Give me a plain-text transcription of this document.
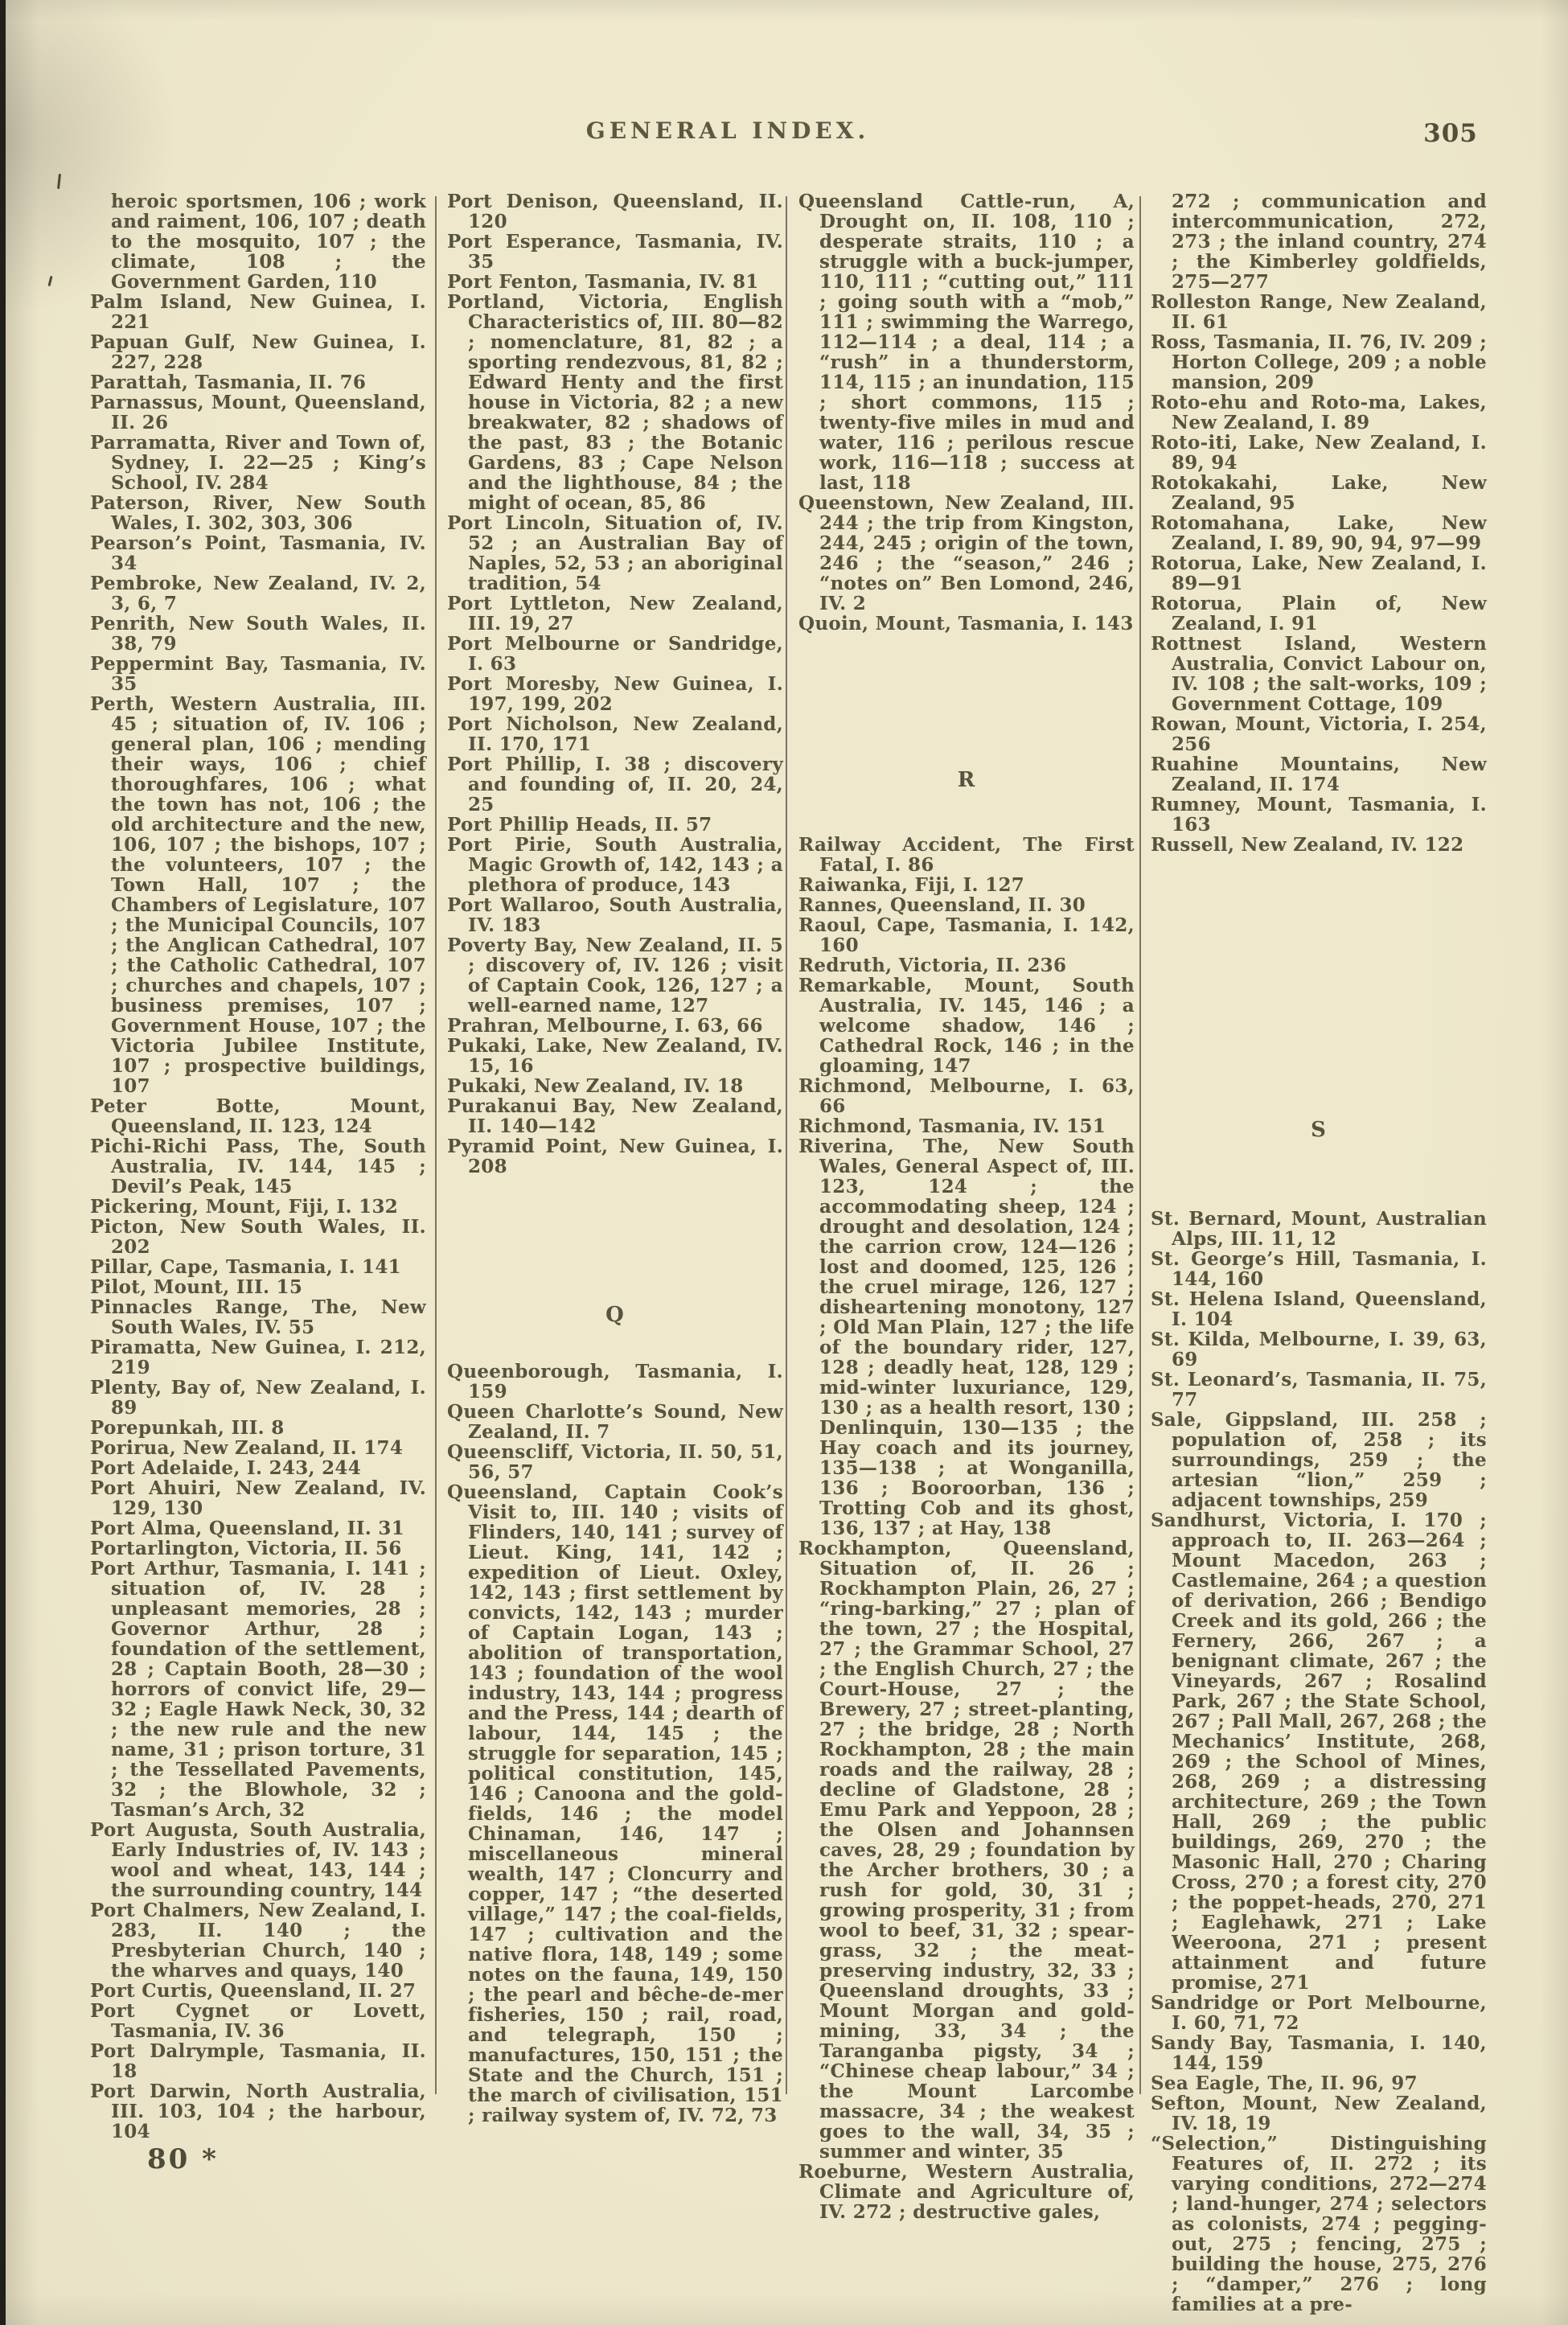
GENERAL INDEX.	305

heroic sportsmen, 106 ; work and raiment, 106, 107 ; death to the mosquito, 107 ; the climate, 108 ; the Government Garden, 110

Palm Island, New Guinea, I. 221

Papuan Gulf, New Guinea, I. 227, 228

Parattah, Tasmania, II. 76

Parnassus, Mount, Queensland, II. 26

Parramatta, River and Town of, Sydney, I. 22—25 ; King’s School, IV. 284

Paterson, River, New South Wales, I. 302, 303, 306

Pearson’s Point, Tasmania, IV. 34

Pembroke, New Zealand, IV. 2, 3, 6, 7

Penrith, New South Wales, II. 38, 79

Peppermint Bay, Tasmania, IV. 35

Perth, Western Australia, III. 45 ; situation of, IV. 106 ; general plan, 106 ; mending their ways, 106 ; chief thoroughfares, 106 ; what the town has not, 106 ; the old architecture and the new, 106, 107 ; the bishops, 107 ; the volunteers, 107 ; the Town Hall, 107 ; the Chambers of Legislature, 107 ; the Municipal Councils, 107 ; the Anglican Cathedral, 107 ; the Catholic Cathedral, 107 ; churches and chapels, 107 ; business premises, 107 ; Government House, 107 ; the Victoria Jubilee Institute, 107 ; prospective buildings, 107

Peter Botte, Mount, Queensland, II. 123, 124

Pichi-Richi Pass, The, South Australia, IV. 144, 145 ; Devil’s Peak, 145

Pickering, Mount, Fiji, I. 132

Picton, New South Wales, II. 202

Pillar, Cape, Tasmania, I. 141

Pilot, Mount, III. 15

Pinnacles Range, The, New South Wales, IV. 55

Piramatta, New Guinea, I. 212, 219

Plenty, Bay of, New Zealand, I. 89

Porepunkah, III. 8

Porirua, New Zealand, II. 174

Port Adelaide, I. 243, 244

Port Ahuiri, New Zealand, IV. 129, 130

Port Alma, Queensland, II. 31

Portarlington, Victoria, II. 56

Port Arthur, Tasmania, I. 141 ; situation of, IV. 28 ; unpleasant memories, 28 ; Governor Arthur, 28 ; foundation of the settlement, 28 ; Captain Booth, 28—30 ; horrors of convict life, 29—32 ; Eagle Hawk Neck, 30, 32 ; the new rule and the new name, 31 ; prison torture, 31 ; the Tessellated Pavements, 32 ; the Blowhole, 32 ; Tasman’s Arch, 32

Port Augusta, South Australia, Early Industries of, IV. 143 ; wool and wheat, 143, 144 ; the surrounding country, 144

Port Chalmers, New Zealand, I. 283, II. 140 ; the Presbyterian Church, 140 ; the wharves and quays, 140

Port Curtis, Queensland, II. 27

Port Cygnet or Lovett, Tasmania, IV. 36

Port Dalrymple, Tasmania, II. 18

Port Darwin, North Australia, III. 103, 104 ; the harbour, 104

80 *

Port Denison, Queensland, II. 120

Port Esperance, Tasmania, IV. 35

Port Fenton, Tasmania, IV. 81

Portland, Victoria, English Characteristics of, III. 80—82 ; nomenclature, 81, 82 ; a sporting rendezvous, 81, 82 ; Edward Henty and the first house in Victoria, 82 ; a new breakwater, 82 ; shadows of the past, 83 ; the Botanic Gardens, 83 ; Cape Nelson and the lighthouse, 84 ; the might of ocean, 85, 86

Port Lincoln, Situation of, IV. 52 ; an Australian Bay of Naples, 52, 53 ; an aboriginal tradition, 54

Port Lyttleton, New Zealand, III. 19, 27

Port Melbourne or Sandridge, I. 63

Port Moresby, New Guinea, I. 197, 199, 202

Port Nicholson, New Zealand, II. 170, 171

Port Phillip, I. 38 ; discovery and founding of, II. 20, 24, 25

Port Phillip Heads, II. 57

Port Pirie, South Australia, Magic Growth of, 142, 143 ; a plethora of produce, 143

Port Wallaroo, South Australia, IV. 183

Poverty Bay, New Zealand, II. 5 ; discovery of, IV. 126 ; visit of Captain Cook, 126, 127 ; a well-earned name, 127

Prahran, Melbourne, I. 63, 66

Pukaki, Lake, New Zealand, IV. 15, 16

Pukaki, New Zealand, IV. 18

Purakanui Bay, New Zealand, II. 140—142

Pyramid Point, New Guinea, I. 208

Q

Queenborough, Tasmania, I. 159

Queen Charlotte’s Sound, New Zealand, II. 7

Queenscliff, Victoria, II. 50, 51, 56, 57

Queensland, Captain Cook’s Visit to, III. 140 ; visits of Flinders, 140, 141 ; survey of Lieut. King, 141, 142 ; expedition of Lieut. Oxley, 142, 143 ; first settlement by convicts, 142, 143 ; murder of Captain Logan, 143 ; abolition of transportation, 143 ; foundation of the wool industry, 143, 144 ; progress and the Press, 144 ; dearth of labour, 144, 145 ; the struggle for separation, 145 ; political constitution, 145, 146 ; Canoona and the gold-fields, 146 ; the model Chinaman, 146, 147 ; miscellaneous mineral wealth, 147 ; Cloncurry and copper, 147 ; “the deserted village,” 147 ; the coal-fields, 147 ; cultivation and the native flora, 148, 149 ; some notes on the fauna, 149, 150 ; the pearl and bêche-de-mer fisheries, 150 ; rail, road, and telegraph, 150 ; manufactures, 150, 151 ; the State and the Church, 151 ; the march of civilisation, 151 ; railway system of, IV. 72, 73

Queensland Cattle-run, A, Drought on, II. 108, 110 ; desperate straits, 110 ; a struggle with a buck-jumper, 110, 111 ; “cutting out,” 111 ; going south with a “mob,” 111 ; swimming the Warrego, 112—114 ; a deal, 114 ; a “rush” in a thunderstorm, 114, 115 ; an inundation, 115 ; short commons, 115 ; twenty-five miles in mud and water, 116 ; perilous rescue work, 116—118 ; success at last, 118

Queenstown, New Zealand, III. 244 ; the trip from Kingston, 244, 245 ; origin of the town, 246 ; the “season,” 246 ; “notes on” Ben Lomond, 246, IV. 2

Quoin, Mount, Tasmania, I. 143

R

Railway Accident, The First Fatal, I. 86

Raiwanka, Fiji, I. 127

Rannes, Queensland, II. 30

Raoul, Cape, Tasmania, I. 142, 160

Redruth, Victoria, II. 236

Remarkable, Mount, South Australia, IV. 145, 146 ; a welcome shadow, 146 ; Cathedral Rock, 146 ; in the gloaming, 147

Richmond, Melbourne, I. 63, 66

Richmond, Tasmania, IV. 151

Riverina, The, New South Wales, General Aspect of, III. 123, 124 ; the accommodating sheep, 124 ; drought and desolation, 124 ; the carrion crow, 124—126 ; lost and doomed, 125, 126 ; the cruel mirage, 126, 127 ; disheartening monotony, 127 ; Old Man Plain, 127 ; the life of the boundary rider, 127, 128 ; deadly heat, 128, 129 ; mid-winter luxuriance, 129, 130 ; as a health resort, 130 ; Denlinquin, 130—135 ; the Hay coach and its journey, 135—138 ; at Wonganilla, 136 ; Booroorban, 136 ; Trotting Cob and its ghost, 136, 137 ; at Hay, 138

Rockhampton, Queensland, Situation of, II. 26 ; Rockhampton Plain, 26, 27 ; “ring-barking,” 27 ; plan of the town, 27 ; the Hospital, 27 ; the Grammar School, 27 ; the English Church, 27 ; the Court-House, 27 ; the Brewery, 27 ; street-planting, 27 ; the bridge, 28 ; North Rockhampton, 28 ; the main roads and the railway, 28 ; decline of Gladstone, 28 ; Emu Park and Yeppoon, 28 ; the Olsen and Johannsen caves, 28, 29 ; foundation by the Archer brothers, 30 ; a rush for gold, 30, 31 ; growing prosperity, 31 ; from wool to beef, 31, 32 ; spear-grass, 32 ; the meat-preserving industry, 32, 33 ; Queensland droughts, 33 ; Mount Morgan and gold-mining, 33, 34 ; the Taranganba pigsty, 34 ; “Chinese cheap labour,” 34 ; the Mount Larcombe massacre, 34 ; the weakest goes to the wall, 34, 35 ; summer and winter, 35

Roeburne, Western Australia, Climate and Agriculture of, IV. 272 ; destructive gales,

272 ; communication and intercommunication, 272, 273 ; the inland country, 274 ; the Kimberley goldfields, 275—277

Rolleston Range, New Zealand, II. 61

Ross, Tasmania, II. 76, IV. 209 ; Horton College, 209 ; a noble mansion, 209

Roto-ehu and Roto-ma, Lakes, New Zealand, I. 89

Roto-iti, Lake, New Zealand, I. 89, 94

Rotokakahi, Lake, New Zealand, 95

Rotomahana, Lake, New Zealand, I. 89, 90, 94, 97—99

Rotorua, Lake, New Zealand, I. 89—91

Rotorua, Plain of, New Zealand, I. 91

Rottnest Island, Western Australia, Convict Labour on, IV. 108 ; the salt-works, 109 ; Government Cottage, 109

Rowan, Mount, Victoria, I. 254, 256

Ruahine Mountains, New Zealand, II. 174

Rumney, Mount, Tasmania, I. 163

Russell, New Zealand, IV. 122

S

St. Bernard, Mount, Australian Alps, III. 11, 12

St. George’s Hill, Tasmania, I. 144, 160

St. Helena Island, Queensland, I. 104

St. Kilda, Melbourne, I. 39, 63, 69

St. Leonard’s, Tasmania, II. 75, 77

Sale, Gippsland, III. 258 ; population of, 258 ; its surroundings, 259 ; the artesian “lion,” 259 ; adjacent townships, 259

Sandhurst, Victoria, I. 170 ; approach to, II. 263—264 ; Mount Macedon, 263 ; Castlemaine, 264 ; a question of derivation, 266 ; Bendigo Creek and its gold, 266 ; the Fernery, 266, 267 ; a benignant climate, 267 ; the Vineyards, 267 ; Rosalind Park, 267 ; the State School, 267 ; Pall Mall, 267, 268 ; the Mechanics’ Institute, 268, 269 ; the School of Mines, 268, 269 ; a distressing architecture, 269 ; the Town Hall, 269 ; the public buildings, 269, 270 ; the Masonic Hall, 270 ; Charing Cross, 270 ; a forest city, 270 ; the poppet-heads, 270, 271 ; Eaglehawk, 271 ; Lake Weeroona, 271 ; present attainment and future promise, 271

Sandridge or Port Melbourne, I. 60, 71, 72

Sandy Bay, Tasmania, I. 140, 144, 159

Sea Eagle, The, II. 96, 97

Sefton, Mount, New Zealand, IV. 18, 19

“Selection,” Distinguishing Features of, II. 272 ; its varying conditions, 272—274 ; land-hunger, 274 ; selectors as colonists, 274 ; pegging-out, 275 ; fencing, 275 ; building the house, 275, 276 ; “damper,” 276 ; long families at a pre-
